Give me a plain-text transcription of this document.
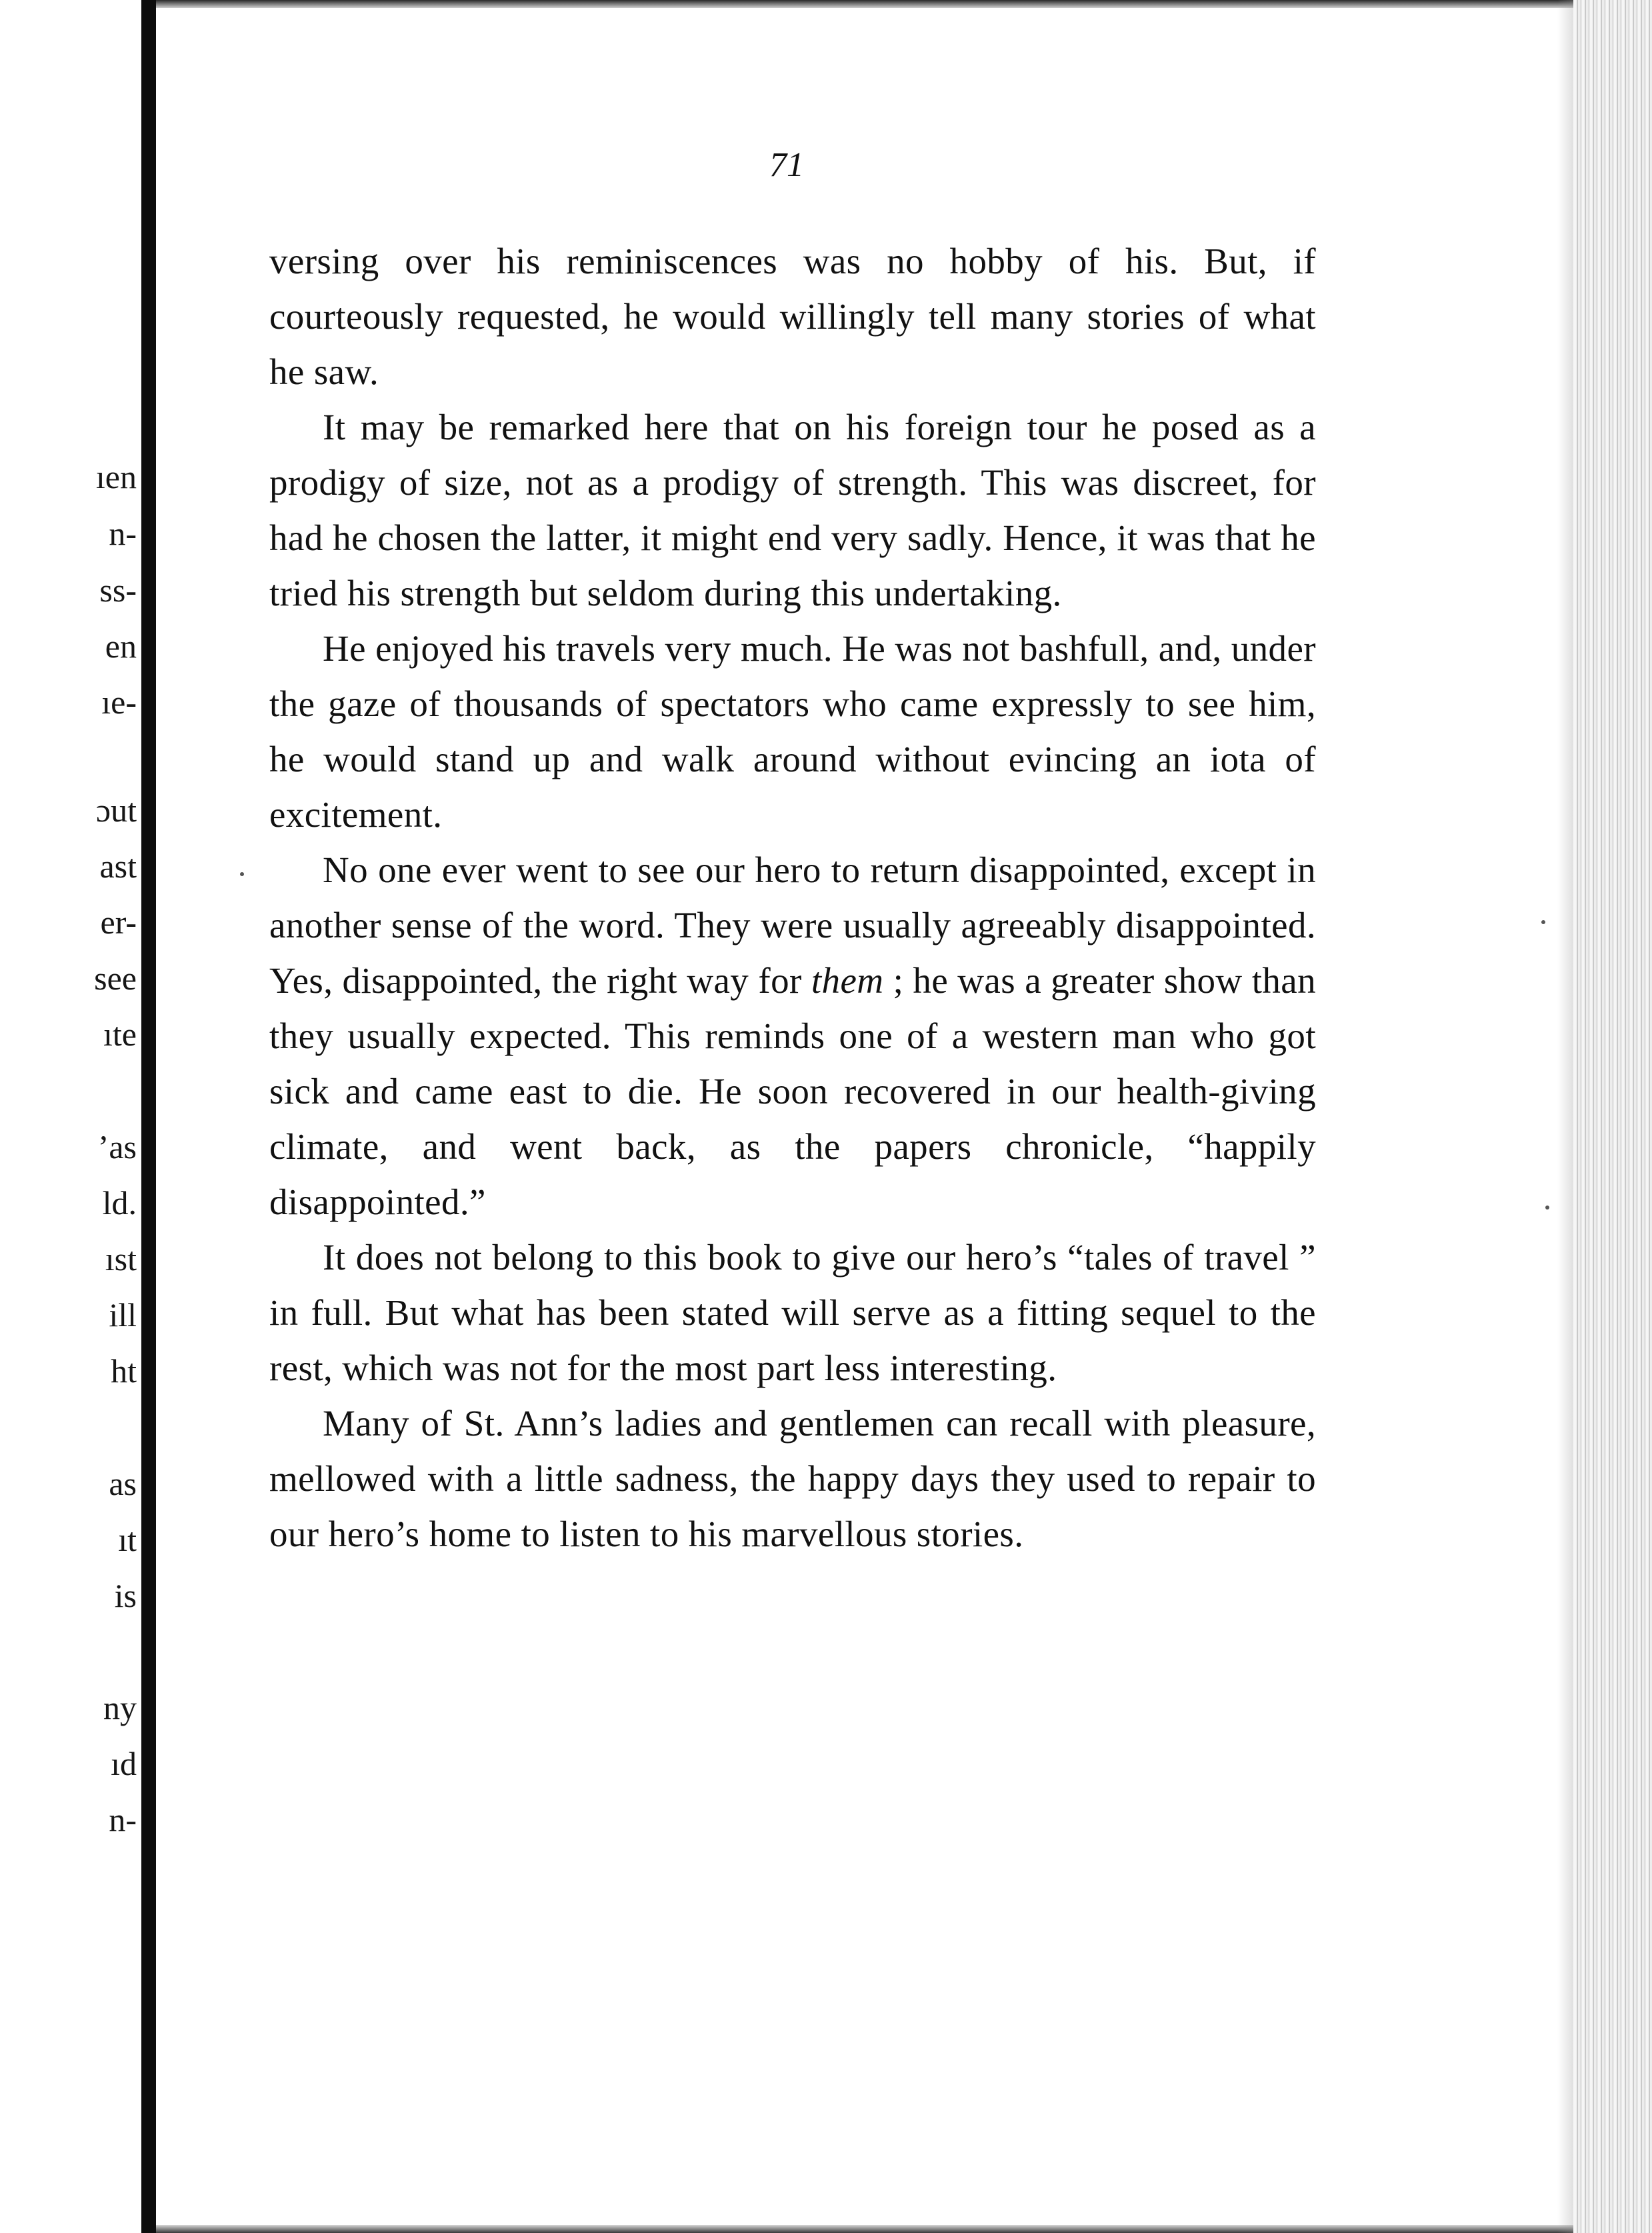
ıen
n-
ss-
en
ıe-
ɔut
ast
er-
see
ıte
ʼas
ld.
ıst
ill
ht
as
ıt
is
ny
ıd
n-
71

versing over his reminiscences was no hobby of his. But, if courteously requested, he would willingly tell many stories of what he saw.

It may be remarked here that on his foreign tour he posed as a prodigy of size, not as a prodigy of strength. This was discreet, for had he chosen the latter, it might end very sadly. Hence, it was that he tried his strength but seldom during this undertaking.

He enjoyed his travels very much. He was not bashfull, and, under the gaze of thousands of spectators who came expressly to see him, he would stand up and walk around without evincing an iota of excitement.

No one ever went to see our hero to return disappointed, except in another sense of the word. They were usually agreeably disappointed. Yes, disappointed, the right way for them ; he was a greater show than they usually expected. This reminds one of a western man who got sick and came east to die. He soon recovered in our health-giving climate, and went back, as the papers chronicle, “happily disappointed.”

It does not belong to this book to give our hero’s “tales of travel ” in full. But what has been stated will serve as a fitting sequel to the rest, which was not for the most part less interesting.

Many of St. Ann’s ladies and gentlemen can recall with pleasure, mellowed with a little sadness, the happy days they used to repair to our hero’s home to listen to his marvellous stories.
